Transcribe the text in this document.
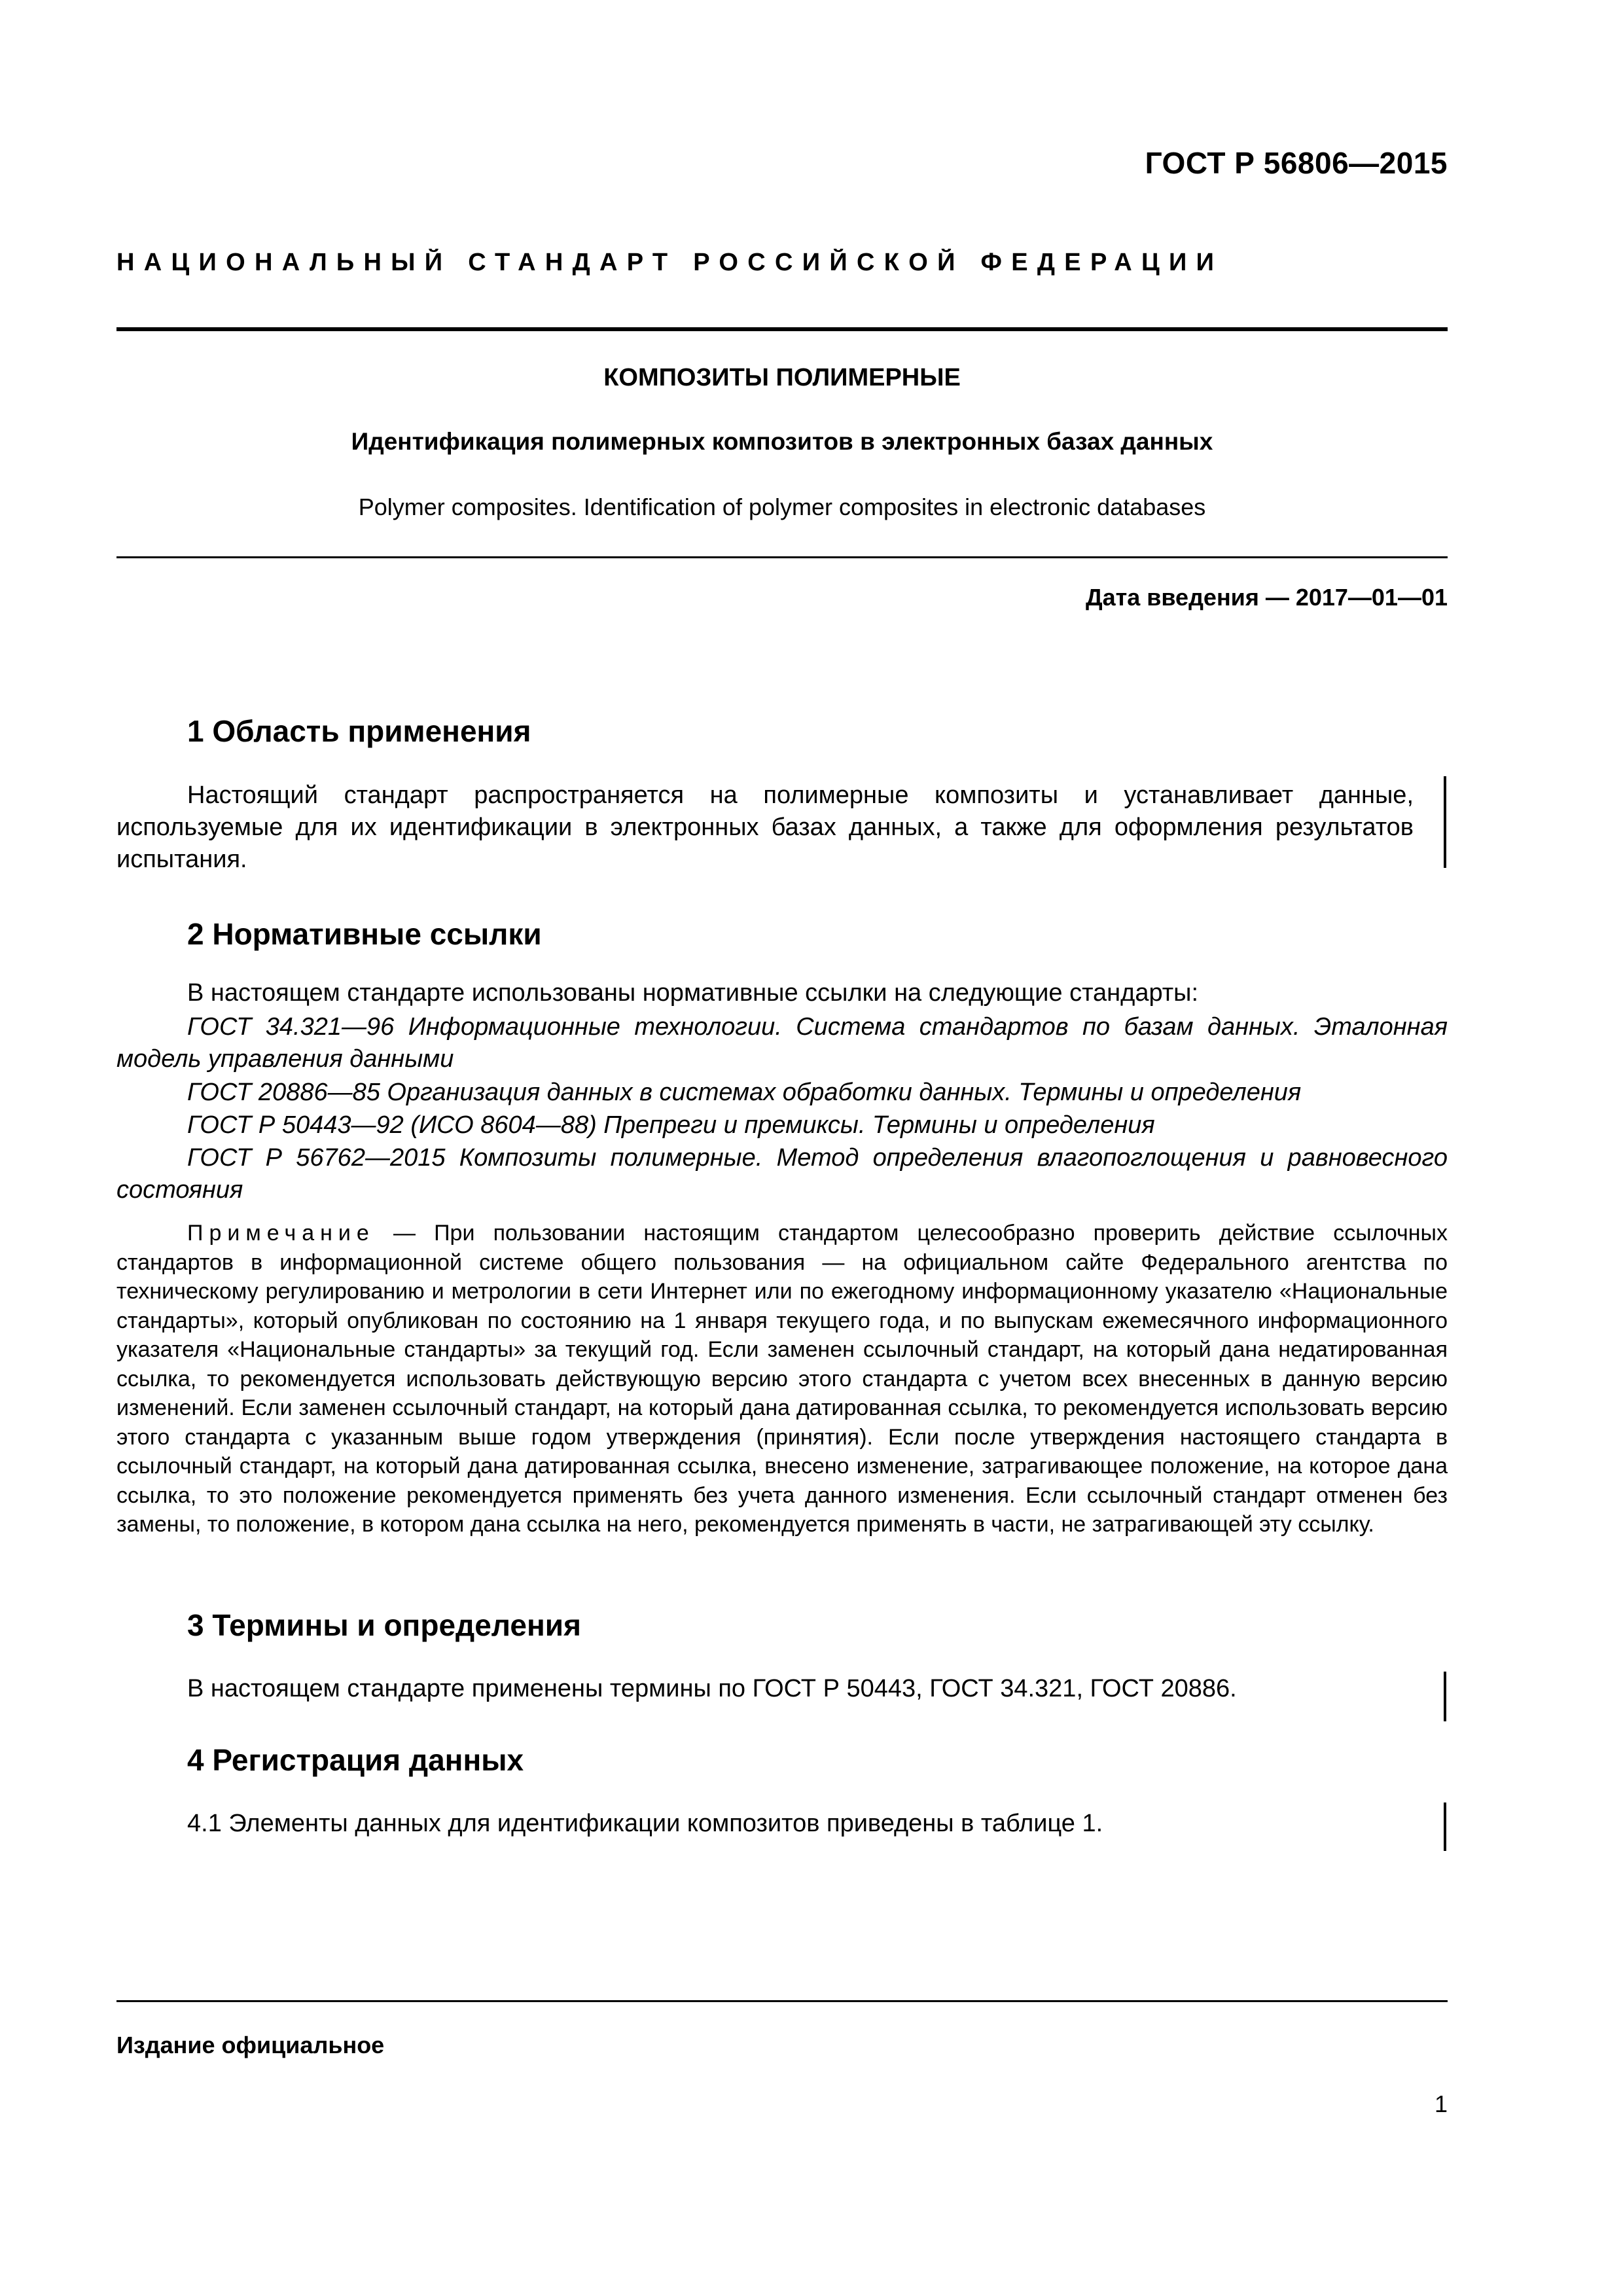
ГОСТ Р 56806—2015
НАЦИОНАЛЬНЫЙ СТАНДАРТ РОССИЙСКОЙ ФЕДЕРАЦИИ
КОМПОЗИТЫ ПОЛИМЕРНЫЕ
Идентификация полимерных композитов в электронных базах данных
Polymer composites. Identification of polymer composites in electronic databases
Дата введения — 2017—01—01
1 Область применения
Настоящий стандарт распространяется на полимерные композиты и устанавливает данные, используемые для их идентификации в электронных базах данных, а также для оформления результатов испытания.
2 Нормативные ссылки
В настоящем стандарте использованы нормативные ссылки на следующие стандарты:
ГОСТ 34.321—96 Информационные технологии. Система стандартов по базам данных. Эталонная модель управления данными
ГОСТ 20886—85 Организация данных в системах обработки данных. Термины и определения
ГОСТ Р 50443—92 (ИСО 8604—88) Препреги и премиксы. Термины и определения
ГОСТ Р 56762—2015 Композиты полимерные. Метод определения влагопоглощения и равновесного состояния
Примечание — При пользовании настоящим стандартом целесообразно проверить действие ссылочных стандартов в информационной системе общего пользования — на официальном сайте Федерального агентства по техническому регулированию и метрологии в сети Интернет или по ежегодному информационному указателю «Национальные стандарты», который опубликован по состоянию на 1 января текущего года, и по выпускам ежемесячного информационного указателя «Национальные стандарты» за текущий год. Если заменен ссылочный стандарт, на который дана недатированная ссылка, то рекомендуется использовать действующую версию этого стандарта с учетом всех внесенных в данную версию изменений. Если заменен ссылочный стандарт, на который дана датированная ссылка, то рекомендуется использовать версию этого стандарта с указанным выше годом утверждения (принятия). Если после утверждения настоящего стандарта в ссылочный стандарт, на который дана датированная ссылка, внесено изменение, затрагивающее положение, на которое дана ссылка, то это положение рекомендуется применять без учета данного изменения. Если ссылочный стандарт отменен без замены, то положение, в котором дана ссылка на него, рекомендуется применять в части, не затрагивающей эту ссылку.
3 Термины и определения
В настоящем стандарте применены термины по ГОСТ Р 50443, ГОСТ 34.321, ГОСТ 20886.
4 Регистрация данных
4.1 Элементы данных для идентификации композитов приведены в таблице 1.
Издание официальное
1
